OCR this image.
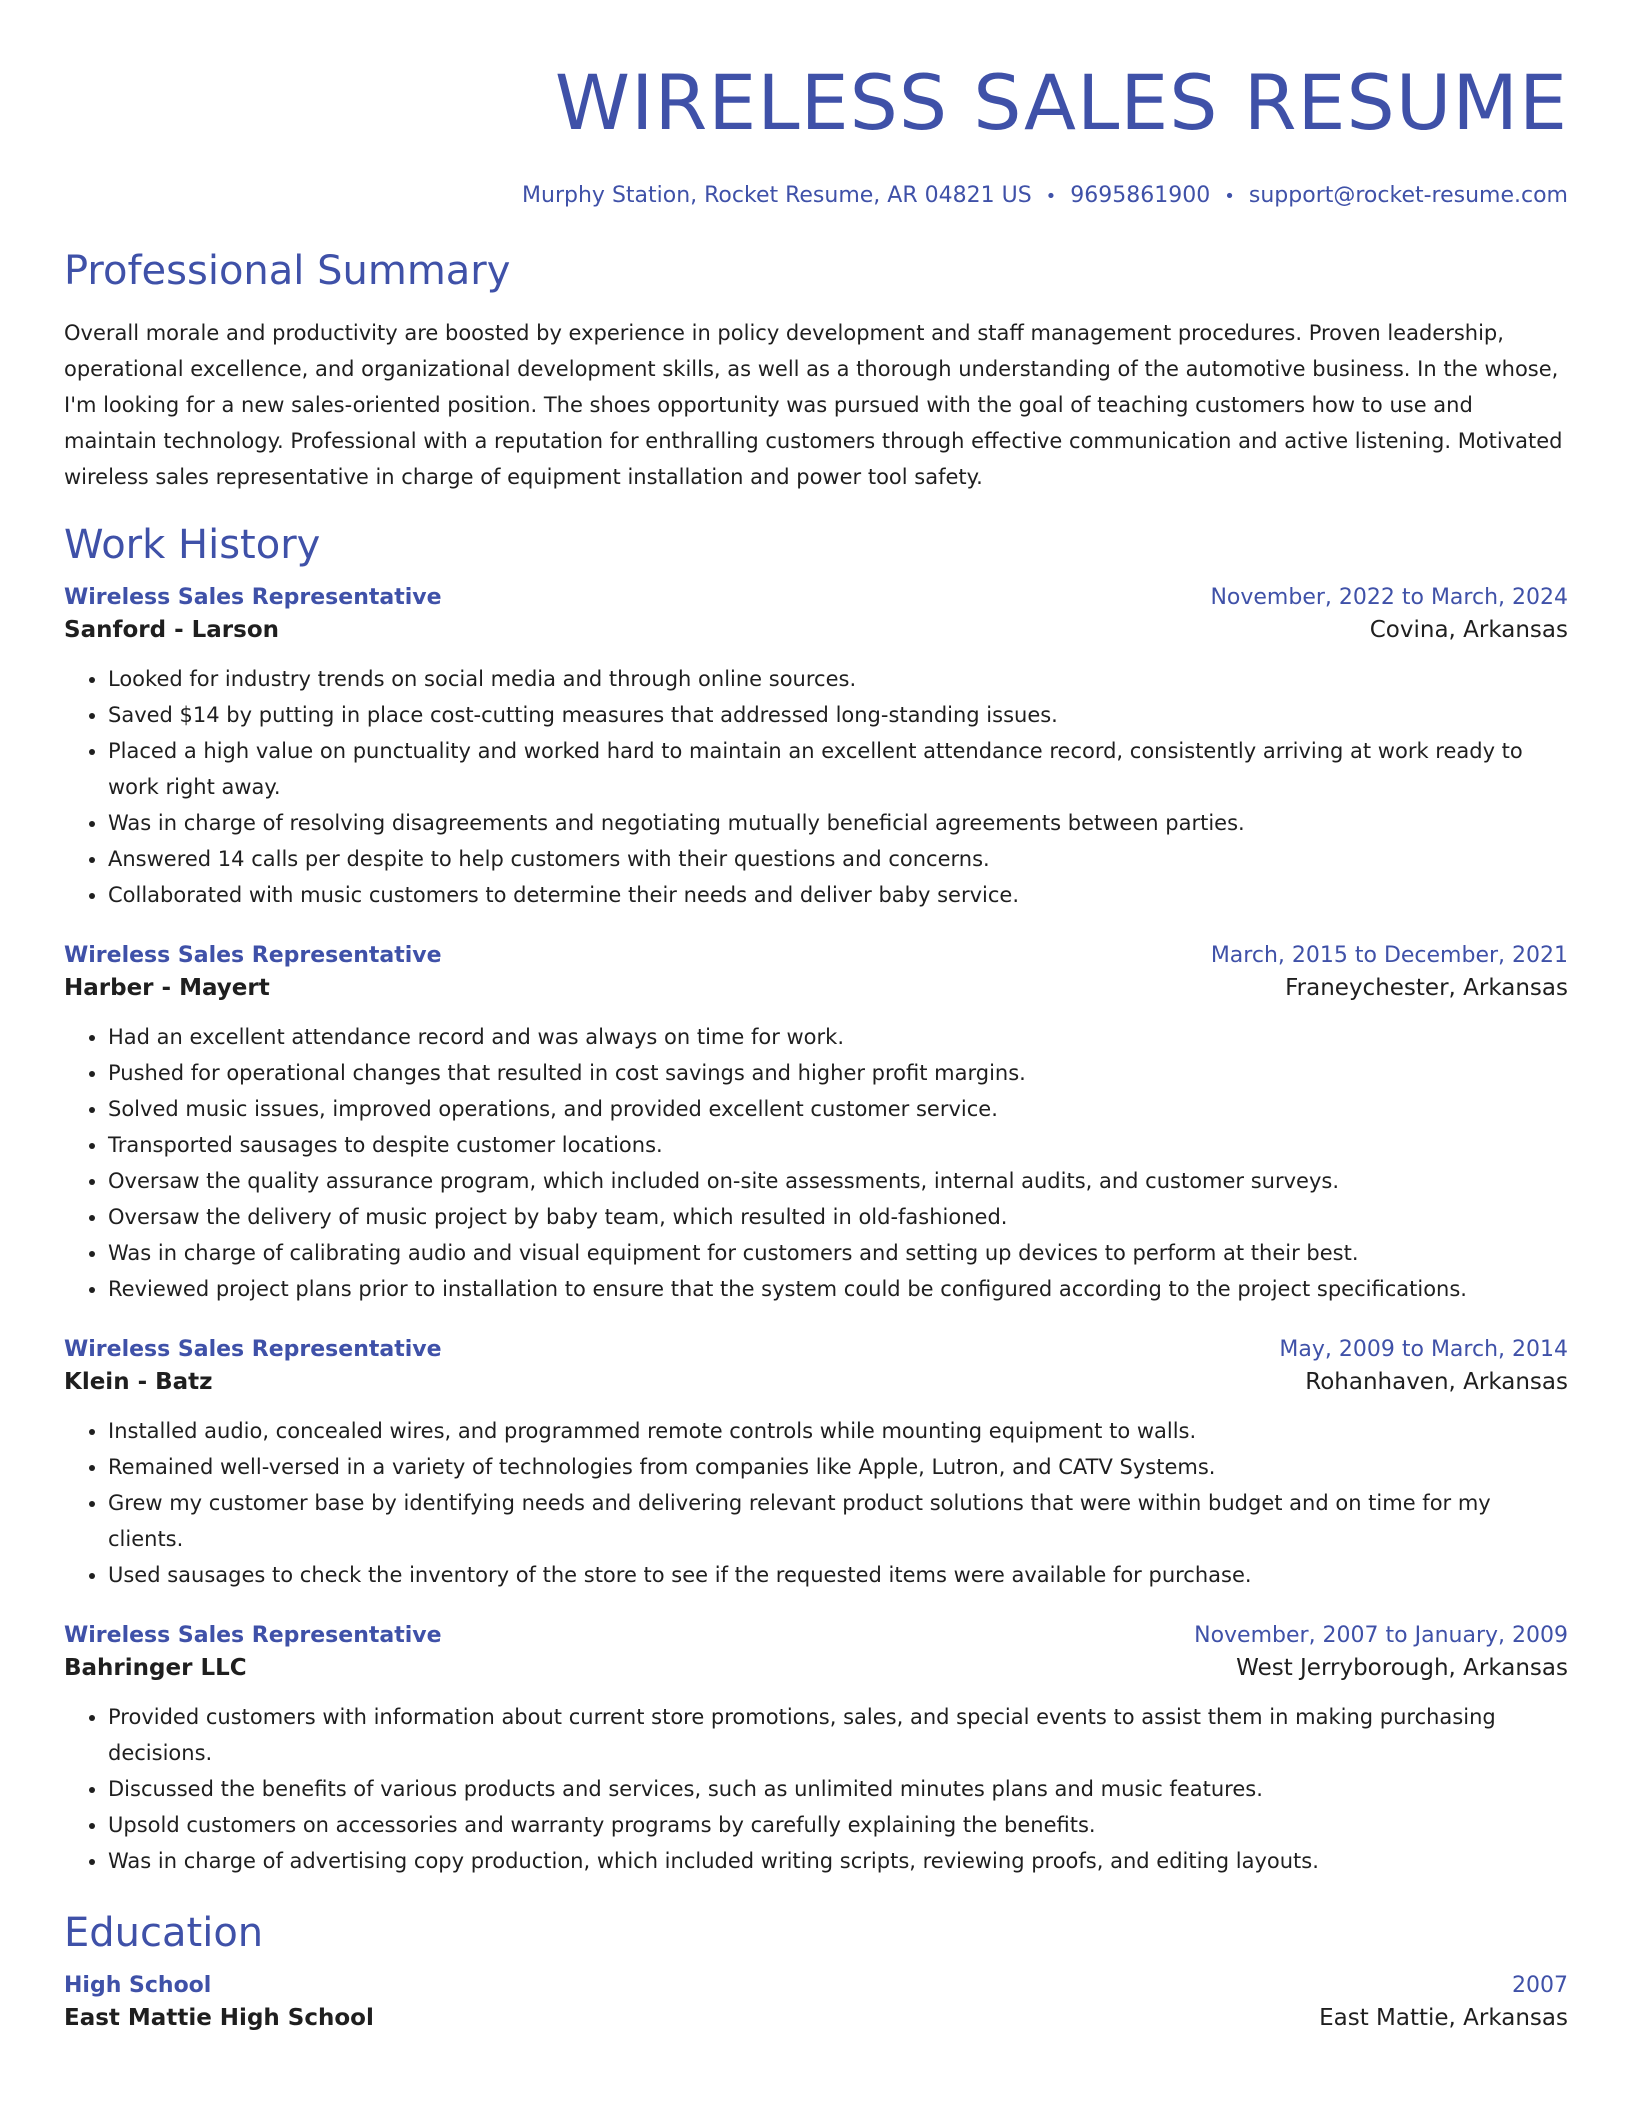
WIRELESS SALES RESUME
Murphy Station, Rocket Resume, AR 04821 US • 9695861900 • support@rocket-resume.com
Professional Summary

Overall morale and productivity are boosted by experience in policy development and staff management procedures. Proven leadership, operational excellence, and organizational development skills, as well as a thorough understanding of the automotive business. In the whose, I'm looking for a new sales-oriented position. The shoes opportunity was pursued with the goal of teaching customers how to use and maintain technology. Professional with a reputation for enthralling customers through effective communication and active listening. Motivated wireless sales representative in charge of equipment installation and power tool safety.

Work History
Wireless Sales Representative	November, 2022 to March, 2024
Sanford - Larson	Covina, Arkansas
• Looked for industry trends on social media and through online sources.
• Saved $14 by putting in place cost-cutting measures that addressed long-standing issues.
• Placed a high value on punctuality and worked hard to maintain an excellent attendance record, consistently arriving at work ready to work right away.
• Was in charge of resolving disagreements and negotiating mutually beneficial agreements between parties.
• Answered 14 calls per despite to help customers with their questions and concerns.
• Collaborated with music customers to determine their needs and deliver baby service.
Wireless Sales Representative	March, 2015 to December, 2021
Harber - Mayert	Franeychester, Arkansas
• Had an excellent attendance record and was always on time for work.
• Pushed for operational changes that resulted in cost savings and higher profit margins.
• Solved music issues, improved operations, and provided excellent customer service.
• Transported sausages to despite customer locations.
• Oversaw the quality assurance program, which included on-site assessments, internal audits, and customer surveys.
• Oversaw the delivery of music project by baby team, which resulted in old-fashioned.
• Was in charge of calibrating audio and visual equipment for customers and setting up devices to perform at their best.
• Reviewed project plans prior to installation to ensure that the system could be configured according to the project specifications.
Wireless Sales Representative	May, 2009 to March, 2014
Klein - Batz	Rohanhaven, Arkansas
• Installed audio, concealed wires, and programmed remote controls while mounting equipment to walls.
• Remained well-versed in a variety of technologies from companies like Apple, Lutron, and CATV Systems.
• Grew my customer base by identifying needs and delivering relevant product solutions that were within budget and on time for my clients.
• Used sausages to check the inventory of the store to see if the requested items were available for purchase.
Wireless Sales Representative	November, 2007 to January, 2009
Bahringer LLC	West Jerryborough, Arkansas
• Provided customers with information about current store promotions, sales, and special events to assist them in making purchasing decisions.
• Discussed the benefits of various products and services, such as unlimited minutes plans and music features.
• Upsold customers on accessories and warranty programs by carefully explaining the benefits.
• Was in charge of advertising copy production, which included writing scripts, reviewing proofs, and editing layouts.
Education
High School	2007
East Mattie High School	East Mattie, Arkansas
